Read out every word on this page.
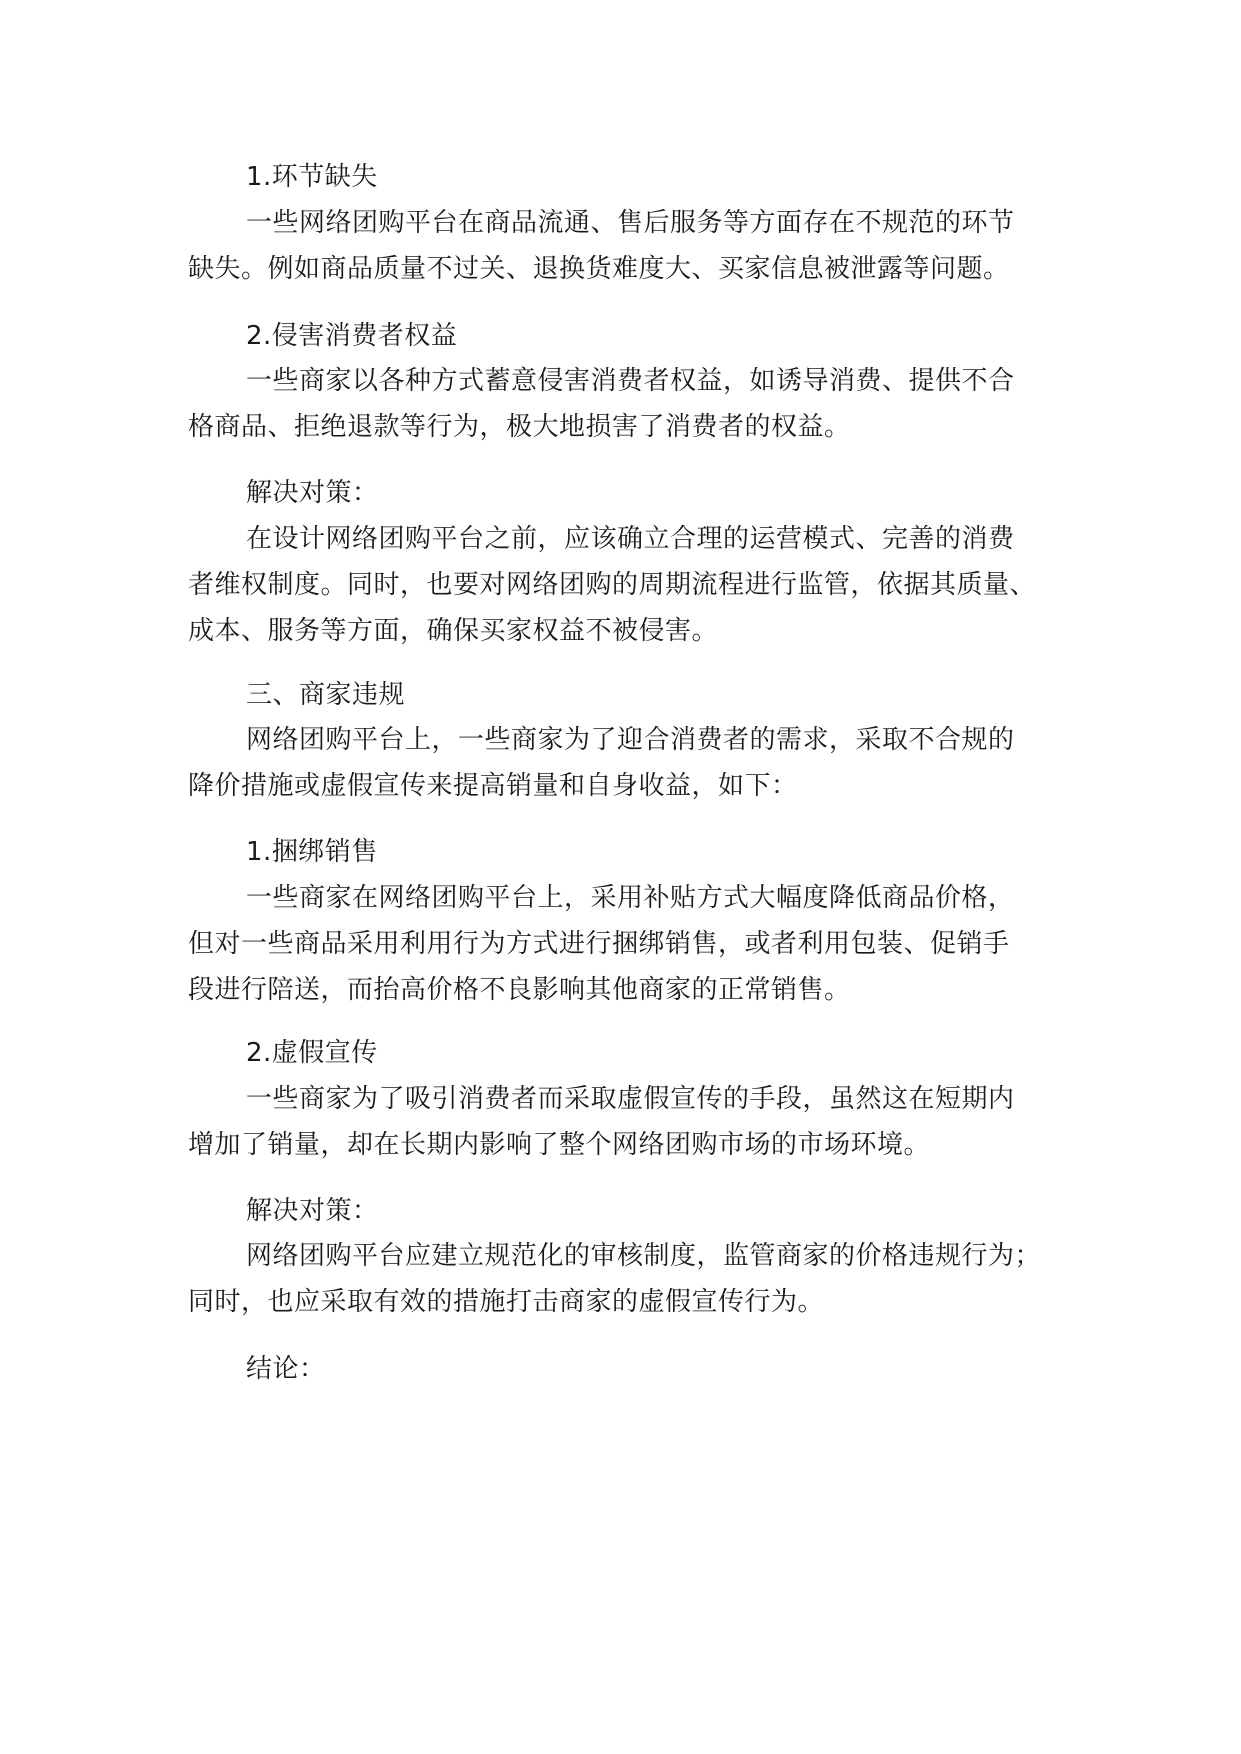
1.环节缺失
一些网络团购平台在商品流通、售后服务等方面存在不规范的环节
缺失。例如商品质量不过关、退换货难度大、买家信息被泄露等问题。
2.侵害消费者权益
一些商家以各种方式蓄意侵害消费者权益，如诱导消费、提供不合
格商品、拒绝退款等行为，极大地损害了消费者的权益。
解决对策：
在设计网络团购平台之前，应该确立合理的运营模式、完善的消费
者维权制度。同时，也要对网络团购的周期流程进行监管，依据其质量、
成本、服务等方面，确保买家权益不被侵害。
三、商家违规
网络团购平台上，一些商家为了迎合消费者的需求，采取不合规的
降价措施或虚假宣传来提高销量和自身收益，如下：
1.捆绑销售
一些商家在网络团购平台上，采用补贴方式大幅度降低商品价格，
但对一些商品采用利用行为方式进行捆绑销售，或者利用包装、促销手
段进行陪送，而抬高价格不良影响其他商家的正常销售。
2.虚假宣传
一些商家为了吸引消费者而采取虚假宣传的手段，虽然这在短期内
增加了销量，却在长期内影响了整个网络团购市场的市场环境。
解决对策：
网络团购平台应建立规范化的审核制度，监管商家的价格违规行为；
同时，也应采取有效的措施打击商家的虚假宣传行为。
结论：
